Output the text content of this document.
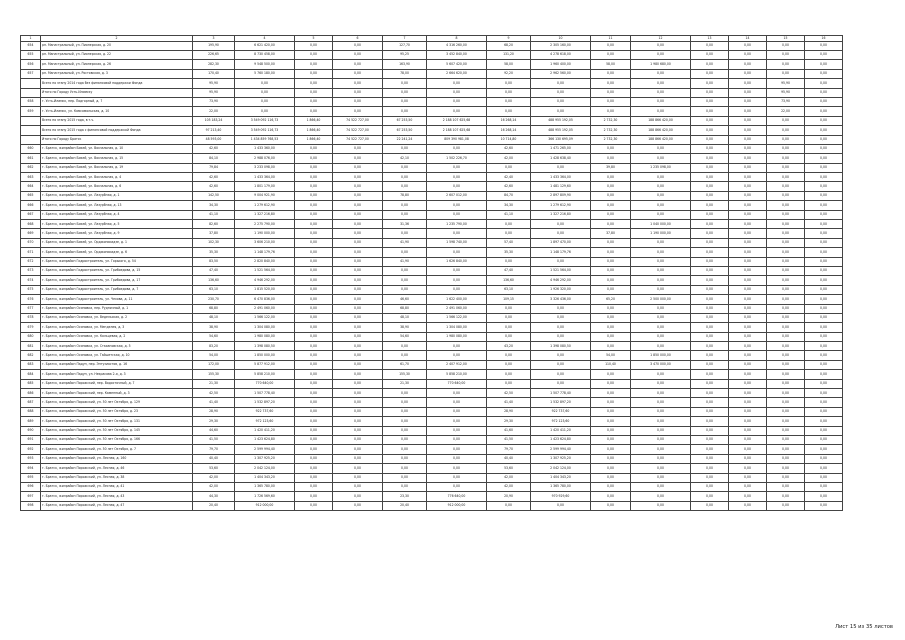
1	2	3	4	5	6	7	8	9	10	11	12	13	14	15	16
654	рп. Магистральный, ул. Пионерская, д. 20	195,90	6 621 420,00	0,00	0,00	127,70	4 316 260,00	68,20	2 305 160,00	0,00	0,00	0,00	0,00	0,00	0,00
655	рп. Магистральный, ул. Пионерская, д. 22	226,65	8 730 458,00	0,00	0,00	95,25	3 452 840,00	131,20	4 278 618,00	0,00	0,00	0,00	0,00	0,00	0,00
656	рп. Магистральный, ул. Пионерская, д. 26	282,30	9 548 500,00	0,00	0,00	163,90	5 607 420,00	58,00	1 960 400,00	58,00	1 980 680,00	0,00	0,00	0,00	0,00
657	рп. Магистральный, ул. Ростовская, д. 3	170,40	5 760 180,00	0,00	0,00	78,00	2 664 620,00	92,20	2 962 560,00	0,00	0,00	0,00	0,00	0,00	0,00
	Всего по этапу 2014 года без финансовой поддержки Фонда	95,90	0,00	0,00	0,00	0,00	0,00	0,00	0,00	0,00	0,00	0,00	0,00	95,90	0,00
	Итого по Городу Усть-Илимску	95,90	0,00	0,00	0,00	0,00	0,00	0,00	0,00	0,00	0,00	0,00	0,00	95,90	0,00
658	г. Усть-Илимск, пер. Подгорный, д. 7	73,90	0,00	0,00	0,00	0,00	0,00	0,00	0,00	0,00	0,00	0,00	0,00	73,90	0,00
659	г. Усть-Илимск, ул. Комсомольская, д. 10	22,00	0,00	0,00	0,00	0,00	0,00	0,00	0,00	0,00	0,00	0,00	0,00	22,00	0,00
	Всего по этапу 2015 года, в т.ч.	105 183,24	3 549 092 116,73	1 866,40	74 522 727,00	67 253,50	2 188 107 625,68	16 268,14	488 955 192,05	2 732,30	188 866 420,00	0,00	0,00	0,00	0,00
	Всего по этапу 2015 года с финансовой поддержкой Фонда	97 213,40	3 549 092 116,73	1 866,40	74 522 727,00	67 253,50	2 188 107 625,68	16 268,14	488 955 192,05	2 732,30	188 866 420,00	0,00	0,00	0,00	0,00
	Итого по Городу Братск	48 593,00	1 434 859 768,53	1 866,40	74 522 727,00	22 241,24	809 390 981,08	10 714,80	366 130 695,09	2 732,30	188 866 420,00	0,00	0,00	0,00	0,00
660	г. Братск, жилрайон Бикей, ул. Вокзальная, д. 10	42,60	1 433 360,00	0,00	0,00	0,00	0,00	42,60	1 471 265,00	0,00	0,00	0,00	0,00	0,00	0,00
661	г. Братск, жилрайон Бикей, ул. Вокзальная, д. 15	84,10	2 988 076,00	0,00	0,00	42,10	1 502 226,70	42,00	1 428 638,40	0,00	0,00	0,00	0,00	0,00	0,00
662	г. Братск, жилрайон Бикей, ул. Вокзальная, д. 19	79,84	3 233 098,00	0,00	0,00	0,00	0,00	0,00	0,00	39,80	1 235 098,00	0,00	0,00	0,00	0,00
663	г. Братск, жилрайон Бикей, ул. Вокзальная, д. 4	42,60	1 433 364,00	0,00	0,00	0,00	0,00	42,40	1 433 364,00	0,00	0,00	0,00	0,00	0,00	0,00
664	г. Братск, жилрайон Бикей, ул. Вокзальная, д. 6	42,60	1 801 179,00	0,00	0,00	0,00	0,00	42,60	1 481 129,60	0,00	0,00	0,00	0,00	0,00	0,00
665	г. Братск, жилрайон Бикей, ул. Лазурбная, д. 1	142,50	9 004 921,90	0,00	0,00	78,80	2 607 012,00	84,70	2 897 809,90	0,00	0,00	0,00	0,00	0,00	0,00
666	г. Братск, жилрайон Бикей, ул. Лазурбная, д. 13	34,30	1 279 612,90	0,00	0,00	0,00	0,00	34,30	1 279 612,90	0,00	0,00	0,00	0,00	0,00	0,00
667	г. Братск, жилрайон Бикей, ул. Лазурбная, д. 4	41,10	1 327 216,80	0,00	0,00	0,00	0,00	41,10	1 327 216,80	0,00	0,00	0,00	0,00	0,00	0,00
668	г. Братск, жилрайон Бикей, ул. Лазурбная, д. 5	82,60	2 275 790,00	0,00	0,00	31,36	1 235 790,00	0,00	0,00	0,00	1 040 000,00	0,00	0,00	0,00	0,00
669	г. Братск, жилрайон Бикей, ул. Лазурбная, д. 9	37,80	1 190 000,00	0,00	0,00	0,00	0,00	0,00	0,00	37,80	1 190 000,00	0,00	0,00	0,00	0,00
670	г. Братск, жилрайон Бикей, ул. Орджоникидзе, д. 1	102,30	3 606 210,00	0,00	0,00	41,90	1 598 740,00	57,40	1 897 470,00	0,00	0,00	0,00	0,00	0,00	0,00
671	г. Братск, жилрайон Бикей, ул. Орджоникидзе, д. 6	35,30	1 148 179,76	0,00	0,00	0,00	0,00	35,30	1 148 179,76	0,00	0,00	0,00	0,00	0,00	0,00
672	г. Братск, жилрайон Гидростроитель, ул. Горького, д. 54	83,50	2 820 840,00	0,00	0,00	41,90	1 626 840,00	0,00	0,00	0,00	0,00	0,00	0,00	0,00	0,00
673	г. Братск, жилрайон Гидростроитель, ул. Грибоедова, д. 15	47,40	1 521 564,00	0,00	0,00	0,00	0,00	47,40	1 521 564,00	0,00	0,00	0,00	0,00	0,00	0,00
674	г. Братск, жилрайон Гидростроитель, ул. Грибоедова, д. 17	136,60	4 946 292,00	0,00	0,00	0,00	0,00	136,60	4 946 292,00	0,00	0,00	0,00	0,00	0,00	0,00
675	г. Братск, жилрайон Гидростроитель, ул. Грибоедова, д. 7	63,10	1 815 520,00	0,00	0,00	0,00	0,00	63,10	1 926 320,00	0,00	0,00	0,00	0,00	0,00	0,00
676	г. Братск, жилрайон Гидростроитель, ул. Чехова, д. 11	230,70	6 470 836,00	0,00	0,00	46,60	1 622 400,00	109,15	3 326 436,00	65,20	2 500 000,00	0,00	0,00	0,00	0,00
677	г. Братск, жилрайон Осиновка, пер. Рудничный, д. 1	68,80	2 491 060,00	0,00	0,00	68,80	2 491 060,00	0,00	0,00	0,00	0,00	0,00	0,00	0,00	0,00
678	г. Братск, жилрайон Осиновка, ул. Ведельская, д. 2	48,10	1 566 122,00	0,00	0,00	48,10	1 566 122,00	0,00	0,00	0,00	0,00	0,00	0,00	0,00	0,00
679	г. Братск, жилрайон Осиновка, ул. Менделея, д. 3	38,90	1 304 080,00	0,00	0,00	38,90	1 304 080,00	0,00	0,00	0,00	0,00	0,00	0,00	0,00	0,00
680	г. Братск, жилрайон Осиновка, ул. Кольцевая, д. 2	54,60	1 980 080,00	0,00	0,00	54,60	1 980 080,00	0,00	0,00	0,00	0,00	0,00	0,00	0,00	0,00
681	г. Братск, жилрайон Осиновка, ул. Стахановская, д. 5	83,20	1 398 080,50	0,00	0,00	0,00	0,00	43,20	1 398 080,50	0,00	0,00	0,00	0,00	0,00	0,00
682	г. Братск, жилрайон Осиновка, ул. Тайшетская, д. 10	54,00	1 850 000,00	0,00	0,00	0,00	0,00	0,00	0,00	54,00	1 850 000,00	0,00	0,00	0,00	0,00
683	г. Братск, жилрайон Падун, пер. Энтузиастов, д. 16	172,00	5 877 912,00	0,00	0,00	61,70	2 407 912,00	0,00	0,00	110,40	3 470 000,00	0,00	0,00	0,00	0,00
684	г. Братск, жилрайон Падун, ул. Некрасова 2-я, д. 3	155,30	5 858 210,00	0,00	0,00	155,30	5 858 210,00	0,00	0,00	0,00	0,00	0,00	0,00	0,00	0,00
685	г. Братск, жилрайон Порожский, пер. Водосточный, д. 7	21,30	770 640,00	0,00	0,00	21,30	770 640,00	0,00	0,00	0,00	0,00	0,00	0,00	0,00	0,00
686	г. Братск, жилрайон Порожский, пер. Каменный, д. 3	42,50	1 507 778,40	0,00	0,00	0,00	0,00	42,50	1 507 778,40	0,00	0,00	0,00	0,00	0,00	0,00
687	г. Братск, жилрайон Порожский, ул. 50 лет Октября, д. 129	41,40	1 532 897,20	0,00	0,00	0,00	0,00	41,40	1 532 897,20	0,00	0,00	0,00	0,00	0,00	0,00
688	г. Братск, жилрайон Порожский, ул. 50 лет Октября, д. 23	28,90	922 737,60	0,00	0,00	0,00	0,00	28,90	922 737,60	0,00	0,00	0,00	0,00	0,00	0,00
689	г. Братск, жилрайон Порожский, ул. 50 лет Октября, д. 131	29,30	972 123,60	0,00	0,00	0,00	0,00	29,30	972 123,60	0,00	0,00	0,00	0,00	0,00	0,00
690	г. Братск, жилрайон Порожский, ул. 50 лет Октября, д. 145	44,60	1 420 411,20	0,00	0,00	0,00	0,00	41,60	1 420 411,20	0,00	0,00	0,00	0,00	0,00	0,00
691	г. Братск, жилрайон Порожский, ул. 50 лет Октября, д. 166	41,50	1 423 624,80	0,00	0,00	0,00	0,00	41,50	1 423 624,80	0,00	0,00	0,00	0,00	0,00	0,00
692	г. Братск, жилрайон Порожский, ул. 50 лет Октября, д. 7	79,70	2 599 994,40	0,00	0,00	0,00	0,00	79,70	2 599 994,40	0,00	0,00	0,00	0,00	0,00	0,00
693	г. Братск, жилрайон Порожский, ул. Лесная, д. 160	40,40	1 307 925,20	0,00	0,00	0,00	0,00	40,40	1 307 925,20	0,00	0,00	0,00	0,00	0,00	0,00
694	г. Братск, жилрайон Порожский, ул. Лесная, д. 46	53,60	2 042 124,00	0,00	0,00	0,00	0,00	53,60	2 042 124,00	0,00	0,00	0,00	0,00	0,00	0,00
695	г. Братск, жилрайон Порожский, ул. Лесная, д. 38	42,00	1 404 343,20	0,00	0,00	0,00	0,00	42,00	1 404 343,20	0,00	0,00	0,00	0,00	0,00	0,00
696	г. Братск, жилрайон Порожский, ул. Лесная, д. 41	42,00	1 365 780,00	0,00	0,00	0,00	0,00	42,00	1 365 780,00	0,00	0,00	0,00	0,00	0,00	0,00
697	г. Братск, жилрайон Порожский, ул. Лесная, д. 43	44,30	1 726 569,60	0,00	0,00	23,30	776 640,00	20,90	970 929,60	0,00	0,00	0,00	0,00	0,00	0,00
698	г. Братск, жилрайон Порожский, ул. Лесная, д. 47	20,40	912 000,00	0,00	0,00	20,40	912 000,00	0,00	0,00	0,00	0,00	0,00	0,00	0,00	0,00
Лист 15 из 35 листов
